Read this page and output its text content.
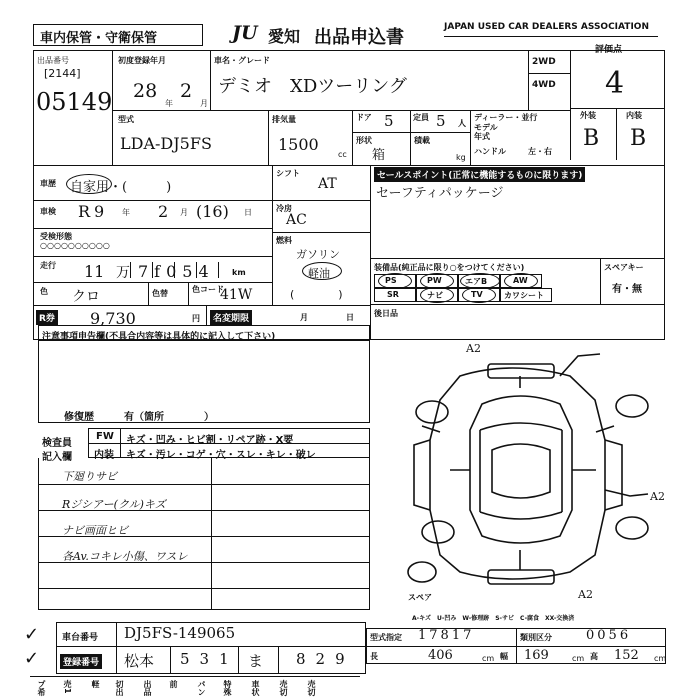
車内保管・守衛保管	JU 愛知 出品申込書	JAPAN USED CAR DEALERS ASSOCIATION
出品番号
[2144]
05149
初度登録年月
28
年
2
月
車名・グレード
デミオ　XDツーリング
2WD
4WD
評価点
4
外装	内装
B B
型式
LDA-DJ5FS
排気量
1500
cc
ドア 5 定員 5 人
形状
箱
積載
kg
ディーラー・並行
モデル
年式
ハンドル	左・右
車歴 自家用・(　　　)
車検 R 9 年 2 月 (16) 日
受検形態
○○○○○○○○○○
走行 11 万 7f054 km
色 クロ	色替	色コード
41W
シフト
AT
冷房
AC
燃料
ガソリン
軽油
(　　　　)
R券 9,730	円	名変期限	月	日
セールスポイント(正常に機能するものに限ります)
セーフティパッケージ
装備品(純正品に限り○をつけてください)
PS	PW	エアB	AW
SR	ナビ	TV	カワシート
スペアキー
有・無
後日品
注意事項申告欄(不具合内容等は具体的に記入して下さい)
修復歴	有（箇所　　　　）
検査員
記入欄
FW キズ・凹み・ヒビ割・リペア跡・X要
内装 キズ・汚レ・コゲ・穴・スレ・キレ・破レ
下廻りサビ
Rジシアー(クル)キズ
ナビ画面ヒビ
各Av.コキレ小傷、ワスレ
A2
A2
A2
スペア
A-キズ　U-凹み　W-修理跡　S-サビ　C-腐食　XX-交換済
車台番号 DJ5FS-149065
登録番号 松本 531 ま 829
✓
✓
型式指定 17817	類別区分	0056
長	406	cm 幅 169	cm 高 152 cm
プ希 売1 軽 切出 出品 前 パン 特殊 車状 売切 売切
